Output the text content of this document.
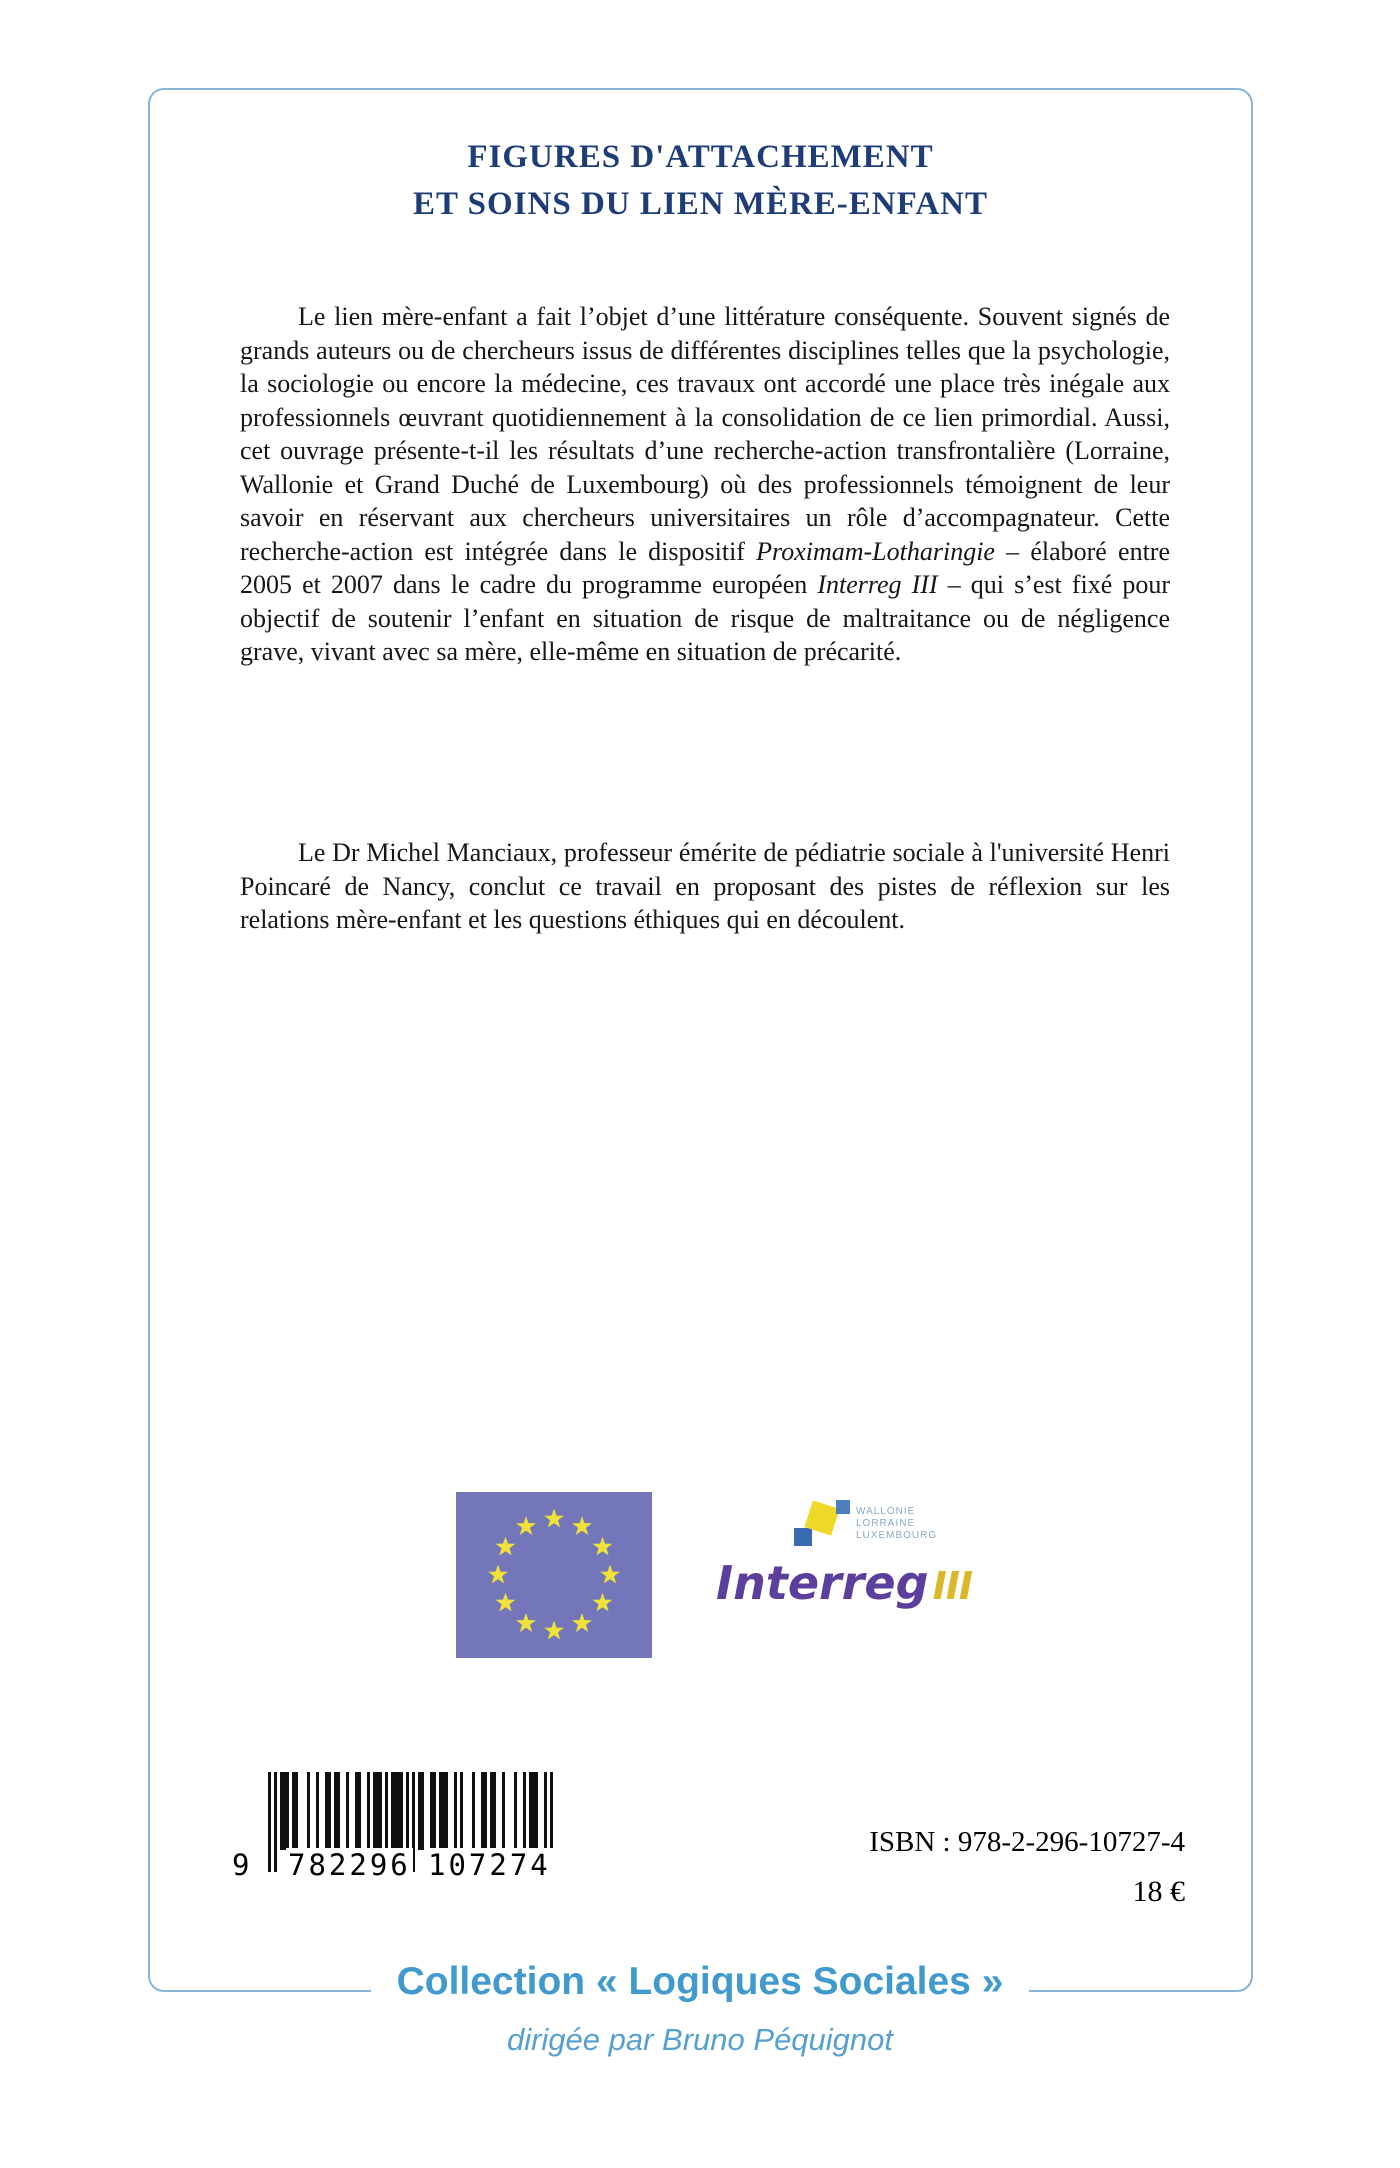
FIGURES D'ATTACHEMENT
ET SOINS DU LIEN MÈRE-ENFANT

Le lien mère-enfant a fait l’objet d’une littérature conséquente. Souvent signés de grands auteurs ou de chercheurs issus de différentes disciplines telles que la psychologie, la sociologie ou encore la médecine, ces travaux ont accordé une place très inégale aux professionnels œuvrant quotidiennement à la consolidation de ce lien primordial. Aussi, cet ouvrage présente-t-il les résultats d’une recherche-action transfrontalière (Lorraine, Wallonie et Grand Duché de Luxembourg) où des professionnels témoignent de leur savoir en réservant aux chercheurs universitaires un rôle d’accompagnateur. Cette recherche-action est intégrée dans le dispositif Proximam-Lotharingie – élaboré entre 2005 et 2007 dans le cadre du programme européen Interreg III – qui s’est fixé pour objectif de soutenir l’enfant en situation de risque de maltraitance ou de négligence grave, vivant avec sa mère, elle-même en situation de précarité.

Le Dr Michel Manciaux, professeur émérite de pédiatrie sociale à l'université Henri Poincaré de Nancy, conclut ce travail en proposant des pistes de réflexion sur les relations mère-enfant et les questions éthiques qui en découlent.

WALLONIE
LORRAINE
LUXEMBOURG
Interreg III
9 782296 107274

ISBN : 978-2-296-10727-4

18 €

Collection « Logiques Sociales »
dirigée par Bruno Péquignot
